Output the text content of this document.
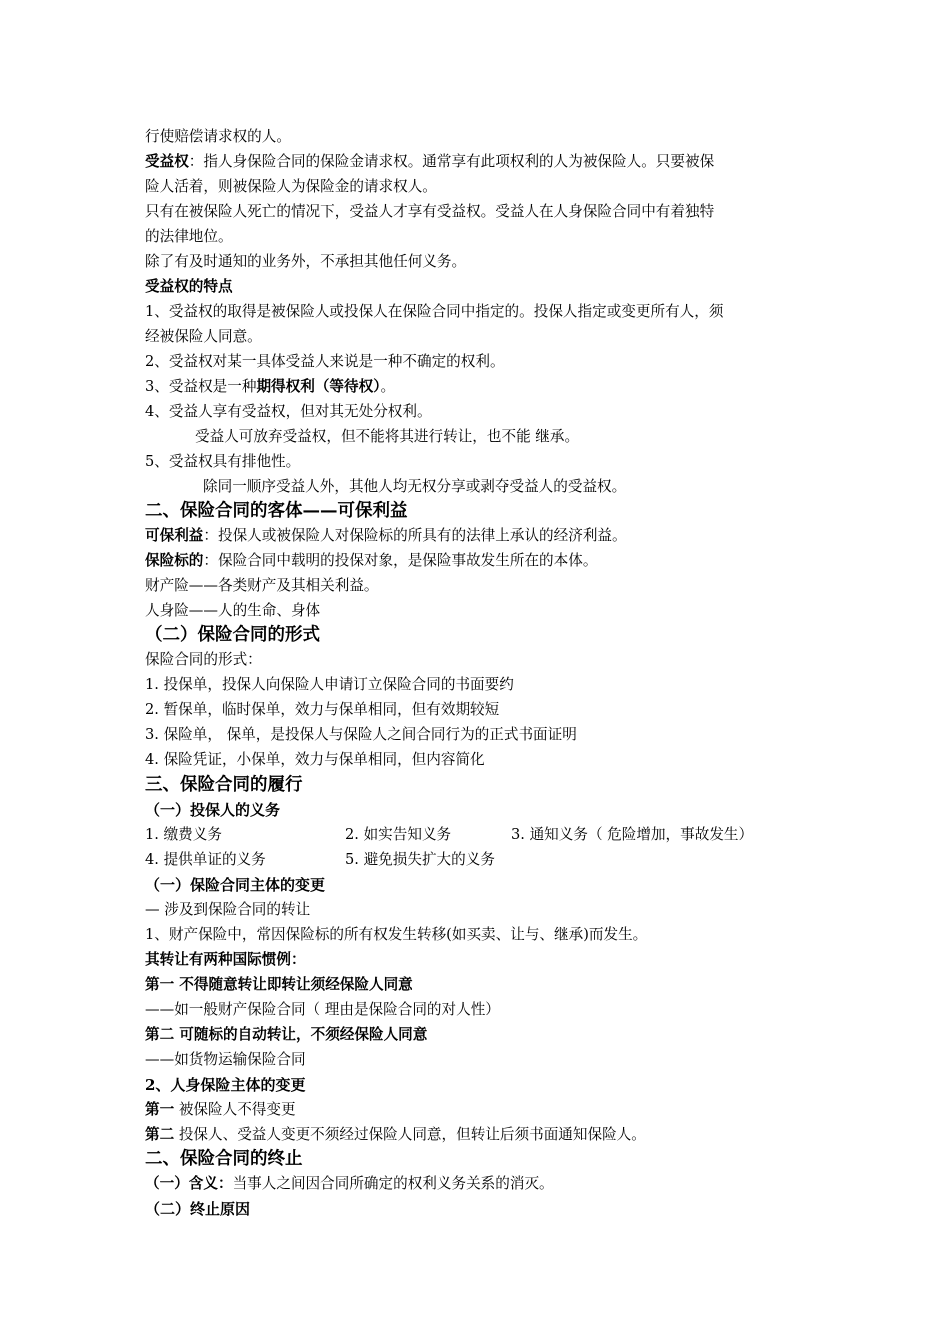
行使赔偿请求权的人。
受益权：指人身保险合同的保险金请求权。通常享有此项权利的人为被保险人。只要被保
险人活着，则被保险人为保险金的请求权人。
只有在被保险人死亡的情况下，受益人才享有受益权。受益人在人身保险合同中有着独特
的法律地位。
除了有及时通知的业务外，不承担其他任何义务。
受益权的特点
1、受益权的取得是被保险人或投保人在保险合同中指定的。投保人指定或变更所有人，须
经被保险人同意。
2、受益权对某一具体受益人来说是一种不确定的权利。
3、受益权是一种期得权利（等待权）。
4、受益人享有受益权，但对其无处分权利。
受益人可放弃受益权，但不能将其进行转让，也不能 继承。
5、受益权具有排他性。
除同一顺序受益人外，其他人均无权分享或剥夺受益人的受益权。
二、保险合同的客体——可保利益
可保利益：投保人或被保险人对保险标的所具有的法律上承认的经济利益。
保险标的：保险合同中载明的投保对象，是保险事故发生所在的本体。
财产险——各类财产及其相关利益。
人身险——人的生命、身体
（二）保险合同的形式
保险合同的形式：
1. 投保单，投保人向保险人申请订立保险合同的书面要约
2. 暂保单，临时保单，效力与保单相同，但有效期较短
3. 保险单， 保单，是投保人与保险人之间合同行为的正式书面证明
4. 保险凭证，小保单，效力与保单相同，但内容简化
三、保险合同的履行
（一）投保人的义务
1. 缴费义务	2. 如实告知义务	3. 通知义务（ 危险增加，事故发生）
4. 提供单证的义务	5. 避免损失扩大的义务
（一）保险合同主体的变更
— 涉及到保险合同的转让
1、财产保险中，常因保险标的所有权发生转移(如买卖、让与、继承)而发生。
其转让有两种国际惯例：
第一 不得随意转让即转让须经保险人同意
——如一般财产保险合同（ 理由是保险合同的对人性）
第二 可随标的自动转让，不须经保险人同意
——如货物运输保险合同
2、人身保险主体的变更
第一 被保险人不得变更
第二 投保人、受益人变更不须经过保险人同意，但转让后须书面通知保险人。
二、保险合同的终止
（一）含义：当事人之间因合同所确定的权利义务关系的消灭。
（二）终止原因
